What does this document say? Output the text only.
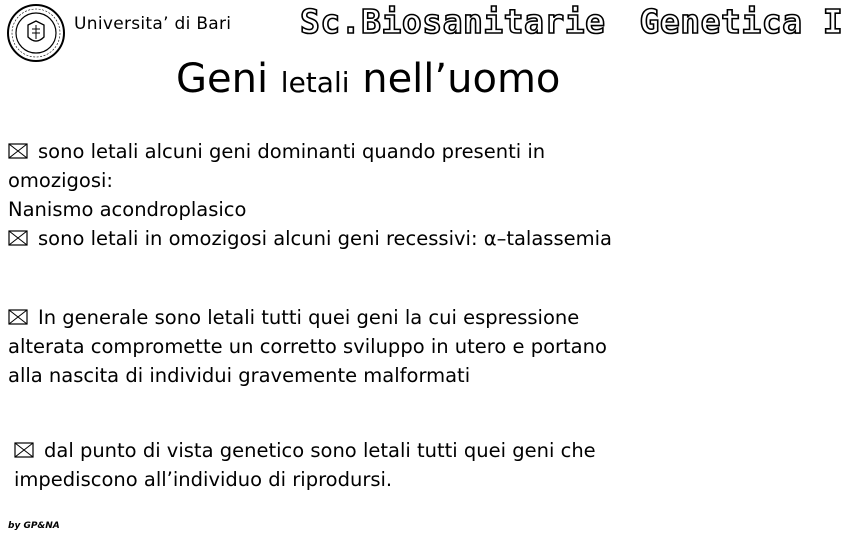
Universita’ di Bari Sc.Biosanitarie Genetica I
Geni letali nell’uomo
sono letali alcuni geni dominanti quando presenti in
omozigosi:
Nanismo acondroplasico
sono letali in omozigosi alcuni geni recessivi: α–talassemia
In generale sono letali tutti quei geni la cui espressione
alterata compromette un corretto sviluppo in utero e portano
alla nascita di individui gravemente malformati
dal punto di vista genetico sono letali tutti quei geni che
impediscono all’individuo di riprodursi.
by GP&NA
